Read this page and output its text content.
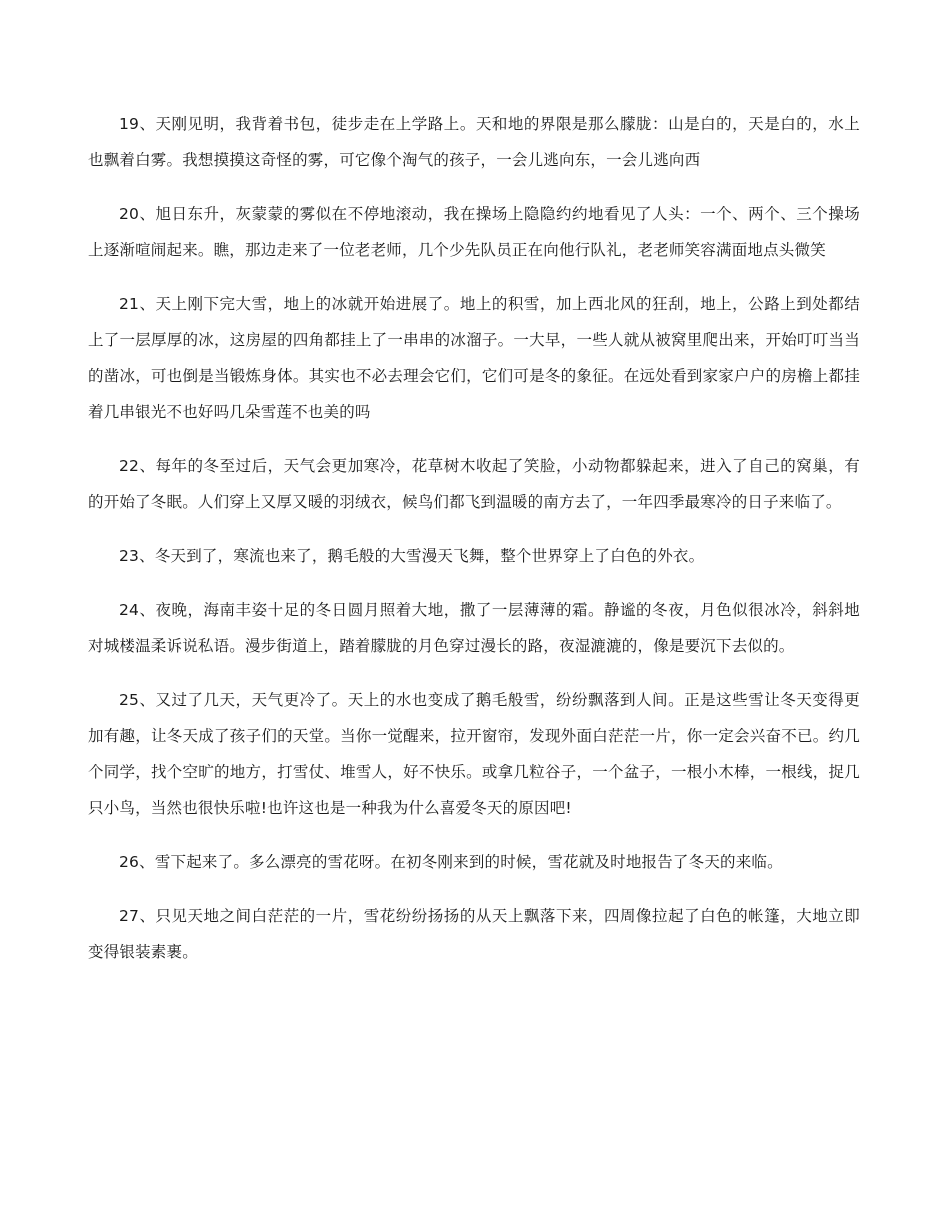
19、天刚见明，我背着书包，徒步走在上学路上。天和地的界限是那么朦胧：山是白的，天是白的，水上也飘着白雾。我想摸摸这奇怪的雾，可它像个淘气的孩子，一会儿逃向东，一会儿逃向西

20、旭日东升，灰蒙蒙的雾似在不停地滚动，我在操场上隐隐约约地看见了人头：一个、两个、三个操场上逐渐喧闹起来。瞧，那边走来了一位老老师，几个少先队员正在向他行队礼，老老师笑容满面地点头微笑

21、天上刚下完大雪，地上的冰就开始进展了。地上的积雪，加上西北风的狂刮，地上，公路上到处都结上了一层厚厚的冰，这房屋的四角都挂上了一串串的冰溜子。一大早，一些人就从被窝里爬出来，开始叮叮当当的凿冰，可也倒是当锻炼身体。其实也不必去理会它们，它们可是冬的象征。在远处看到家家户户的房檐上都挂着几串银光不也好吗几朵雪莲不也美的吗

22、每年的冬至过后，天气会更加寒冷，花草树木收起了笑脸，小动物都躲起来，进入了自己的窝巢，有的开始了冬眠。人们穿上又厚又暖的羽绒衣，候鸟们都飞到温暖的南方去了，一年四季最寒冷的日子来临了。

23、冬天到了，寒流也来了，鹅毛般的大雪漫天飞舞，整个世界穿上了白色的外衣。

24、夜晚，海南丰姿十足的冬日圆月照着大地，撒了一层薄薄的霜。静谧的冬夜，月色似很冰冷，斜斜地对城楼温柔诉说私语。漫步街道上，踏着朦胧的月色穿过漫长的路，夜湿漉漉的，像是要沉下去似的。

25、又过了几天，天气更冷了。天上的水也变成了鹅毛般雪，纷纷飘落到人间。正是这些雪让冬天变得更加有趣，让冬天成了孩子们的天堂。当你一觉醒来，拉开窗帘，发现外面白茫茫一片，你一定会兴奋不已。约几个同学，找个空旷的地方，打雪仗、堆雪人，好不快乐。或拿几粒谷子，一个盆子，一根小木棒，一根线，捉几只小鸟，当然也很快乐啦!也许这也是一种我为什么喜爱冬天的原因吧!

26、雪下起来了。多么漂亮的雪花呀。在初冬刚来到的时候，雪花就及时地报告了冬天的来临。

27、只见天地之间白茫茫的一片，雪花纷纷扬扬的从天上飘落下来，四周像拉起了白色的帐篷，大地立即变得银装素裹。
